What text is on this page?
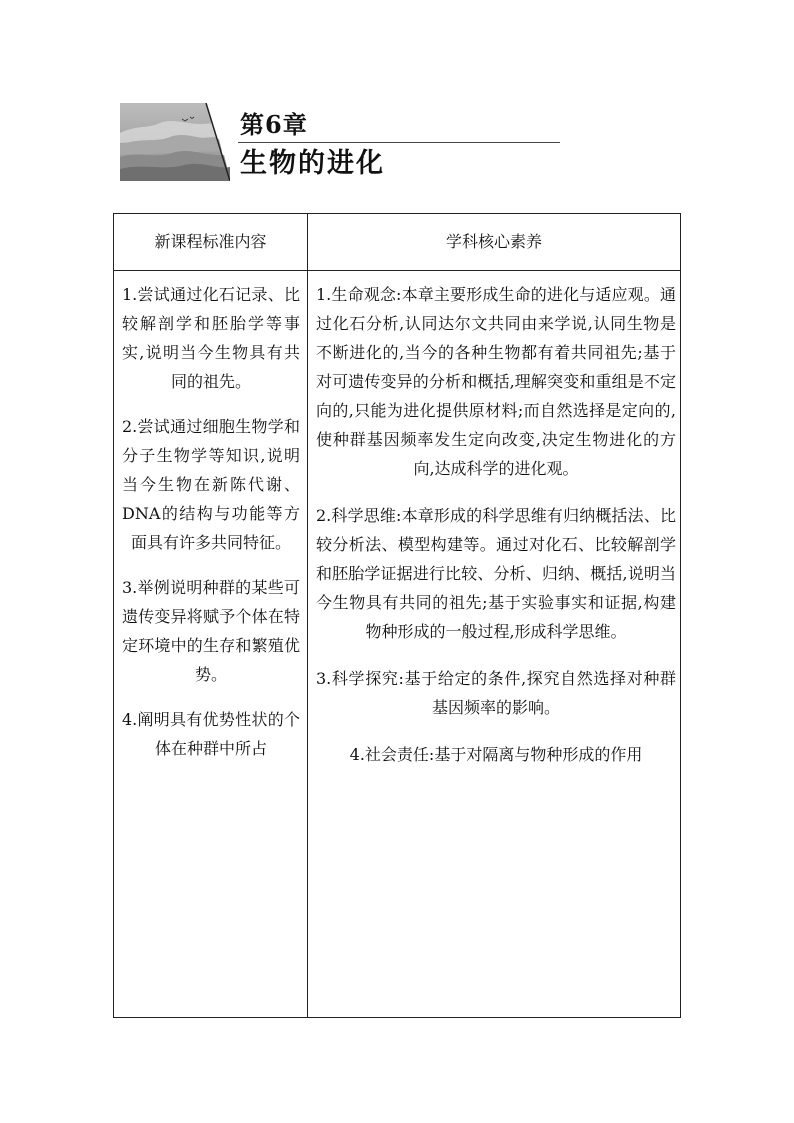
第6章
生物的进化
新课程标准内容	学科核心素养
1.尝试通过化石记录、比较解剖学和胚胎学等事实,说明当今生物具有共同的祖先。
2.尝试通过细胞生物学和分子生物学等知识,说明当今生物在新陈代谢、DNA的结构与功能等方面具有许多共同特征。
3.举例说明种群的某些可遗传变异将赋予个体在特定环境中的生存和繁殖优势。
4.阐明具有优势性状的个体在种群中所占
1.生命观念:本章主要形成生命的进化与适应观。通过化石分析,认同达尔文共同由来学说,认同生物是不断进化的,当今的各种生物都有着共同祖先;基于对可遗传变异的分析和概括,理解突变和重组是不定向的,只能为进化提供原材料;而自然选择是定向的,使种群基因频率发生定向改变,决定生物进化的方向,达成科学的进化观。
2.科学思维:本章形成的科学思维有归纳概括法、比较分析法、模型构建等。通过对化石、比较解剖学和胚胎学证据进行比较、分析、归纳、概括,说明当今生物具有共同的祖先;基于实验事实和证据,构建物种形成的一般过程,形成科学思维。
3.科学探究:基于给定的条件,探究自然选择对种群基因频率的影响。
4.社会责任:基于对隔离与物种形成的作用
